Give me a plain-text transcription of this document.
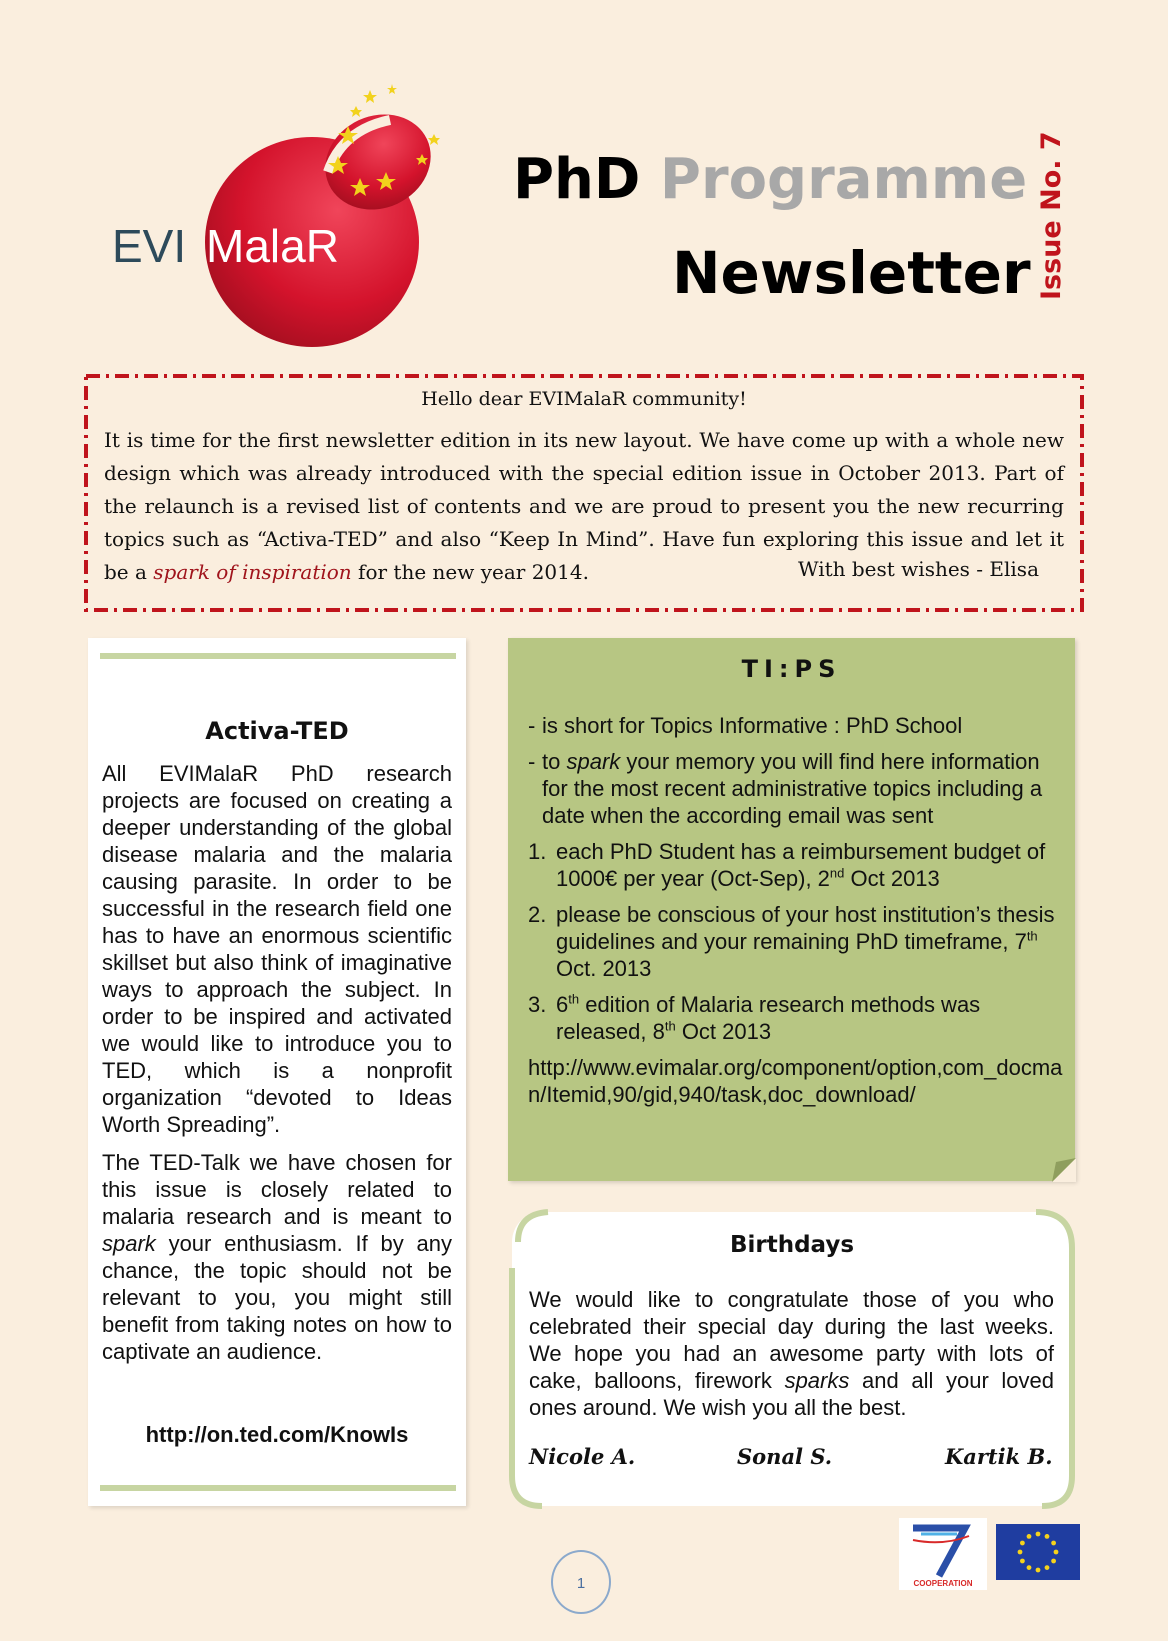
EVI MalaR
PhD Programme
Newsletter Issue No. 7
Hello dear EVIMalaR community!
It is time for the first newsletter edition in its new layout. We have come up with a whole new design which was already introduced with the special edition issue in October 2013. Part of the relaunch is a revised list of contents and we are proud to present you the new recurring topics such as “Activa-TED” and also “Keep In Mind”. Have fun exploring this issue and let it be a spark of inspiration for the new year 2014.	With best wishes - Elisa
Activa-TED

All EVIMalaR PhD research projects are focused on creating a deeper understanding of the global disease malaria and the malaria causing parasite. In order to be successful in the research field one has to have an enormous scientific skillset but also think of imaginative ways to approach the subject. In order to be inspired and activated we would like to introduce you to TED, which is a nonprofit organization “devoted to Ideas Worth Spreading”.

The TED-Talk we have chosen for this issue is closely related to malaria research and is meant to spark your enthusiasm. If by any chance, the topic should not be relevant to you, you might still benefit from taking notes on how to captivate an audience.

http://on.ted.com/KnowIs
TI:PS
- is short for Topics Informative : PhD School
- to spark your memory you will find here information for the most recent administrative topics including a date when the according email was sent
1. each PhD Student has a reimbursement budget of 1000€ per year (Oct-Sep), 2nd Oct 2013
2. please be conscious of your host institution’s thesis guidelines and your remaining PhD timeframe, 7th Oct. 2013
3. 6th edition of Malaria research methods was released, 8th Oct 2013
http://www.evimalar.org/component/option,com_docman/Itemid,90/gid,940/task,doc_download/
Birthdays
We would like to congratulate those of you who celebrated their special day during the last weeks. We hope you had an awesome party with lots of cake, balloons, firework sparks and all your loved ones around. We wish you all the best.
Nicole A.	Sonal S.	Kartik B.
1	COOPERATION
